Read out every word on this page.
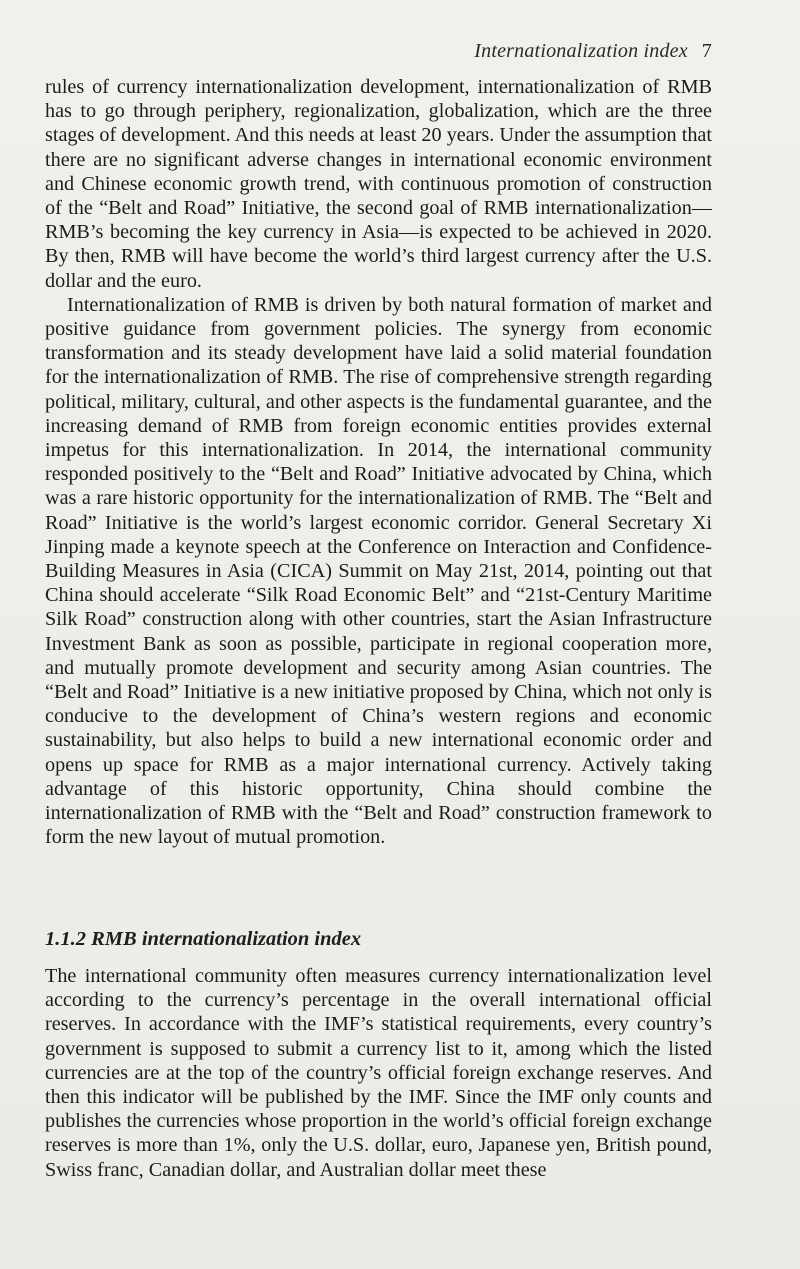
Internationalization index 7

rules of currency internationalization development, internationalization of RMB has to go through periphery, regionalization, globalization, which are the three stages of development. And this needs at least 20 years. Under the assumption that there are no significant adverse changes in international economic environment and Chinese economic growth trend, with continuous promotion of construction of the “Belt and Road” Initiative, the second goal of RMB internationalization—RMB’s becoming the key currency in Asia—is expected to be achieved in 2020. By then, RMB will have become the world’s third largest currency after the U.S. dollar and the euro.

Internationalization of RMB is driven by both natural formation of market and positive guidance from government policies. The synergy from economic transformation and its steady development have laid a solid material foundation for the internationalization of RMB. The rise of comprehensive strength regarding political, military, cultural, and other aspects is the fundamental guarantee, and the increasing demand of RMB from foreign economic entities provides external impetus for this internationalization. In 2014, the international community responded positively to the “Belt and Road” Initiative advocated by China, which was a rare historic opportunity for the internationalization of RMB. The “Belt and Road” Initiative is the world’s largest economic corridor. General Secretary Xi Jinping made a keynote speech at the Conference on Interaction and Confidence-Building Measures in Asia (CICA) Summit on May 21st, 2014, pointing out that China should accelerate “Silk Road Economic Belt” and “21st-Century Maritime Silk Road” construction along with other countries, start the Asian Infrastructure Investment Bank as soon as possible, participate in regional cooperation more, and mutually promote development and security among Asian countries. The “Belt and Road” Initiative is a new initiative proposed by China, which not only is conducive to the development of China’s western regions and economic sustainability, but also helps to build a new international economic order and opens up space for RMB as a major international currency. Actively taking advantage of this historic opportunity, China should combine the internationalization of RMB with the “Belt and Road” construction framework to form the new layout of mutual promotion.

1.1.2 RMB internationalization index

The international community often measures currency internationalization level according to the currency’s percentage in the overall international official reserves. In accordance with the IMF’s statistical requirements, every country’s government is supposed to submit a currency list to it, among which the listed currencies are at the top of the country’s official foreign exchange reserves. And then this indicator will be published by the IMF. Since the IMF only counts and publishes the currencies whose proportion in the world’s official foreign exchange reserves is more than 1%, only the U.S. dollar, euro, Japanese yen, British pound, Swiss franc, Canadian dollar, and Australian dollar meet these
